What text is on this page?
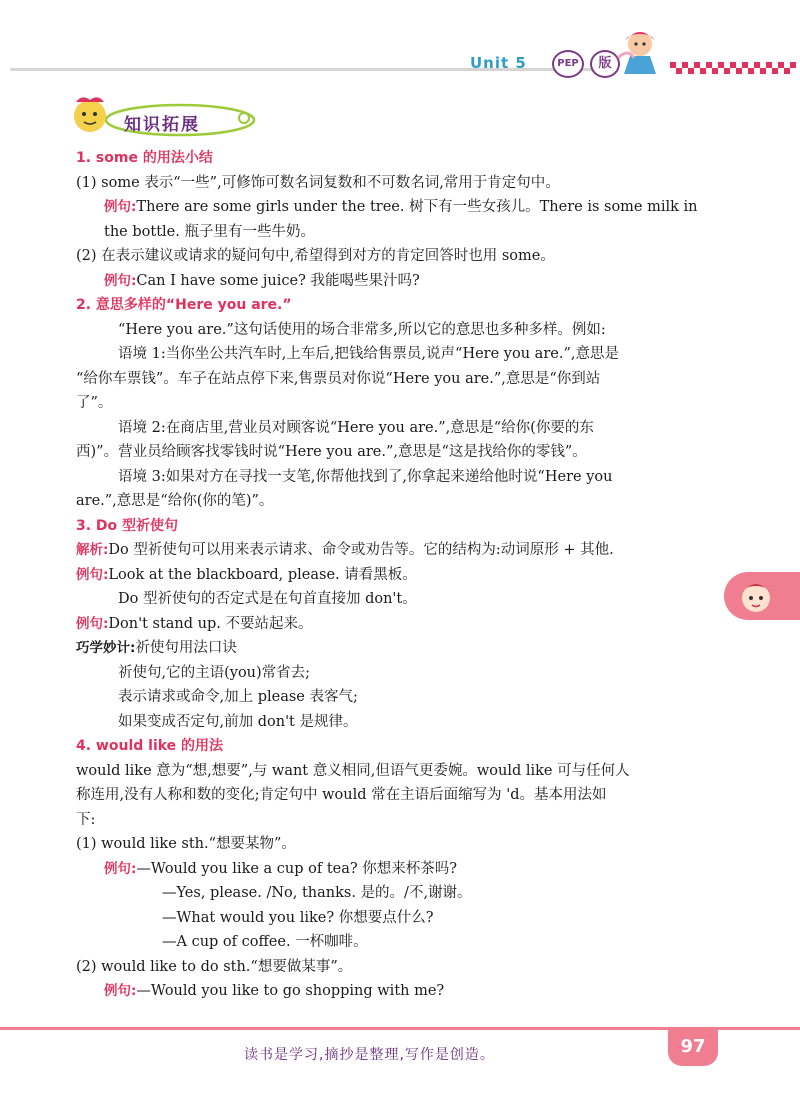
Unit 5	PEP	版
知识拓展
1. some 的用法小结
(1) some 表示“一些”,可修饰可数名词复数和不可数名词,常用于肯定句中。
例句:There are some girls under the tree. 树下有一些女孩儿。There is some milk in
the bottle. 瓶子里有一些牛奶。
(2) 在表示建议或请求的疑问句中,希望得到对方的肯定回答时也用 some。
例句:Can I have some juice? 我能喝些果汁吗?
2. 意思多样的“Here you are.”
“Here you are.”这句话使用的场合非常多,所以它的意思也多种多样。例如:
语境 1:当你坐公共汽车时,上车后,把钱给售票员,说声“Here you are.”,意思是
“给你车票钱”。车子在站点停下来,售票员对你说“Here you are.”,意思是“你到站
了”。
语境 2:在商店里,营业员对顾客说“Here you are.”,意思是“给你(你要的东
西)”。营业员给顾客找零钱时说“Here you are.”,意思是“这是找给你的零钱”。
语境 3:如果对方在寻找一支笔,你帮他找到了,你拿起来递给他时说“Here you
are.”,意思是“给你(你的笔)”。
3. Do 型祈使句
解析:Do 型祈使句可以用来表示请求、命令或劝告等。它的结构为:动词原形 + 其他.
例句:Look at the blackboard, please. 请看黑板。
Do 型祈使句的否定式是在句首直接加 don't。
例句:Don't stand up. 不要站起来。
巧学妙计:祈使句用法口诀
祈使句,它的主语(you)常省去;
表示请求或命令,加上 please 表客气;
如果变成否定句,前加 don't 是规律。
4. would like 的用法
would like 意为“想,想要”,与 want 意义相同,但语气更委婉。would like 可与任何人
称连用,没有人称和数的变化;肯定句中 would 常在主语后面缩写为 'd。基本用法如
下:
(1) would like sth.“想要某物”。
例句:—Would you like a cup of tea? 你想来杯茶吗?
—Yes, please. /No, thanks. 是的。/不,谢谢。
—What would you like? 你想要点什么?
—A cup of coffee. 一杯咖啡。
(2) would like to do sth.“想要做某事”。
例句:—Would you like to go shopping with me?
97
读书是学习,摘抄是整理,写作是创造。
